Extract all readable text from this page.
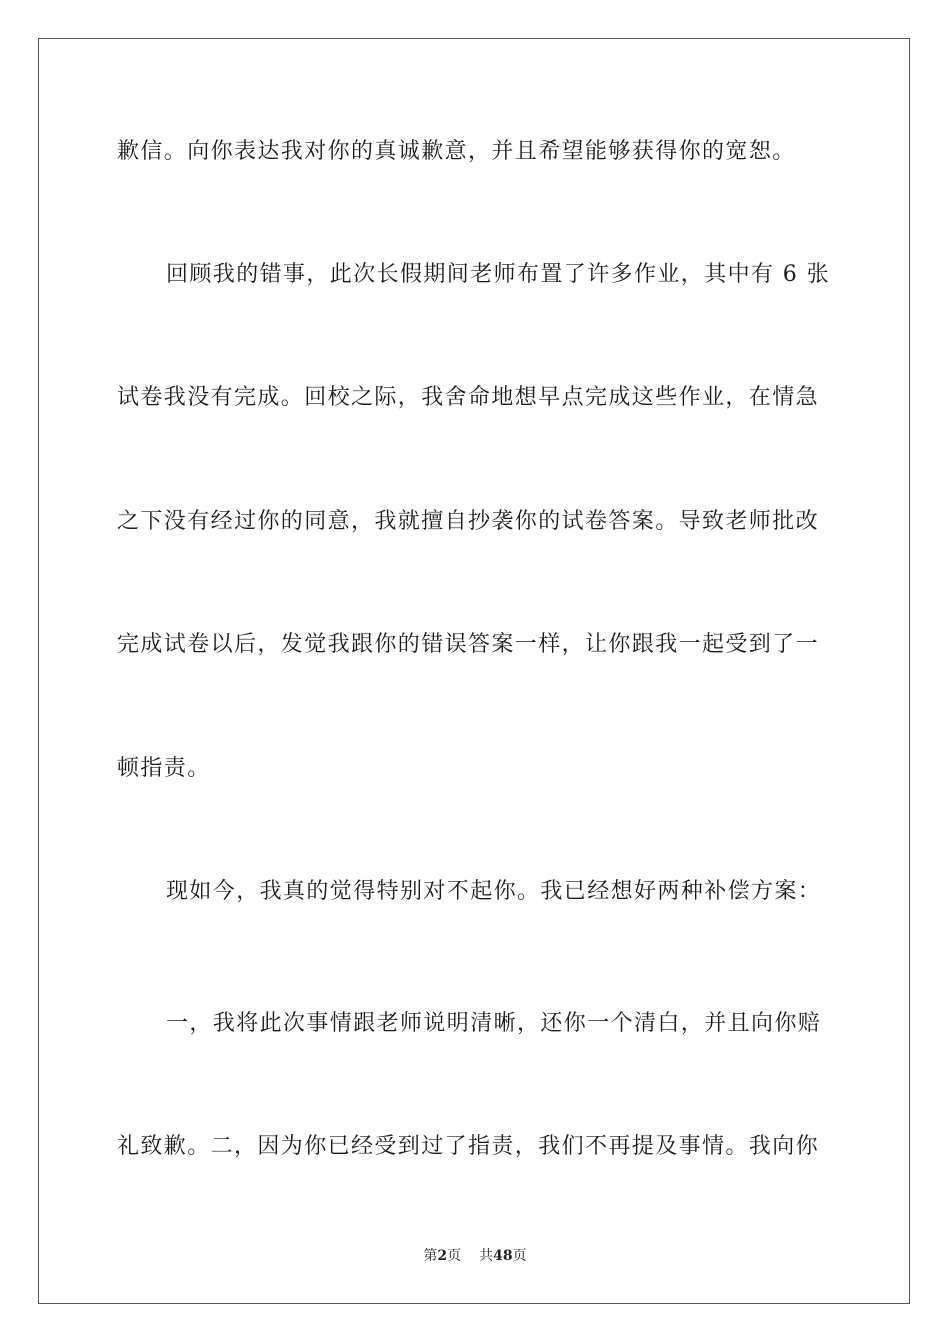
歉信。向你表达我对你的真诚歉意，并且希望能够获得你的宽恕。
回顾我的错事，此次长假期间老师布置了许多作业，其中有 6 张
试卷我没有完成。回校之际，我舍命地想早点完成这些作业，在情急
之下没有经过你的同意，我就擅自抄袭你的试卷答案。导致老师批改
完成试卷以后，发觉我跟你的错误答案一样，让你跟我一起受到了一
顿指责。
现如今，我真的觉得特别对不起你。我已经想好两种补偿方案：
一，我将此次事情跟老师说明清晰，还你一个清白，并且向你赔
礼致歉。二，因为你已经受到过了指责，我们不再提及事情。我向你
第2页 共48页
